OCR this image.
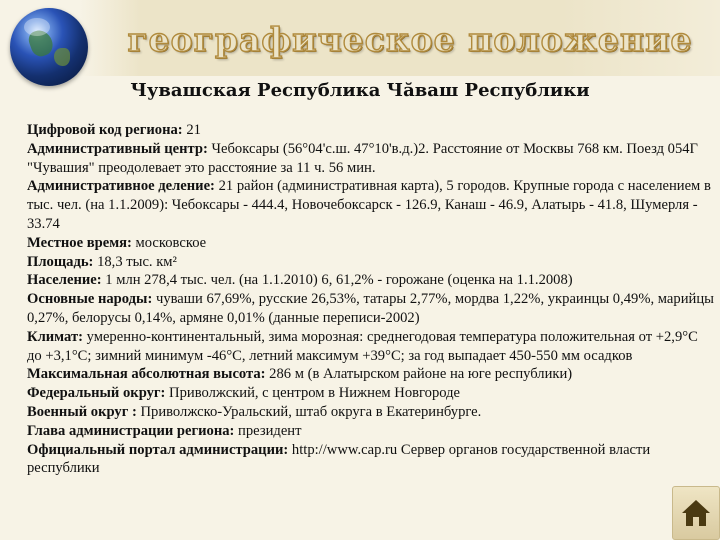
географическое положение
Чувашская Республика Чăваш Республики

Цифровой код региона: 21

Административный центр: Чебоксары (56°04'с.ш. 47°10'в.д.)2. Расстояние от Москвы 768 км. Поезд 054Г "Чувашия" преодолевает это расстояние за 11 ч. 56 мин.

Административное деление: 21 район (административная карта), 5 городов. Крупные города с населением в тыс. чел. (на 1.1.2009): Чебоксары - 444.4, Новочебоксарск - 126.9, Канаш - 46.9, Алатырь - 41.8, Шумерля - 33.74

Местное время: московское

Площадь: 18,3 тыс. км²

Население: 1 млн 278,4 тыс. чел. (на 1.1.2010) 6, 61,2% - горожане (оценка на 1.1.2008)

Основные народы: чуваши 67,69%, русские 26,53%, татары 2,77%, мордва 1,22%, украинцы 0,49%, марийцы 0,27%, белорусы 0,14%, армяне 0,01% (данные переписи-2002)

Климат: умеренно-континентальный, зима морозная: среднегодовая температура положительная от +2,9°C до +3,1°C; зимний минимум -46°C, летний максимум +39°C; за год выпадает 450-550 мм осадков

Максимальная абсолютная высота: 286 м (в Алатырском районе на юге республики)

Федеральный округ: Приволжский, с центром в Нижнем Новгороде

Военный округ : Приволжско-Уральский, штаб округа в Екатеринбурге.

Глава администрации региона: президент

Официальный портал администрации: http://www.cap.ru Сервер органов государственной власти республики
